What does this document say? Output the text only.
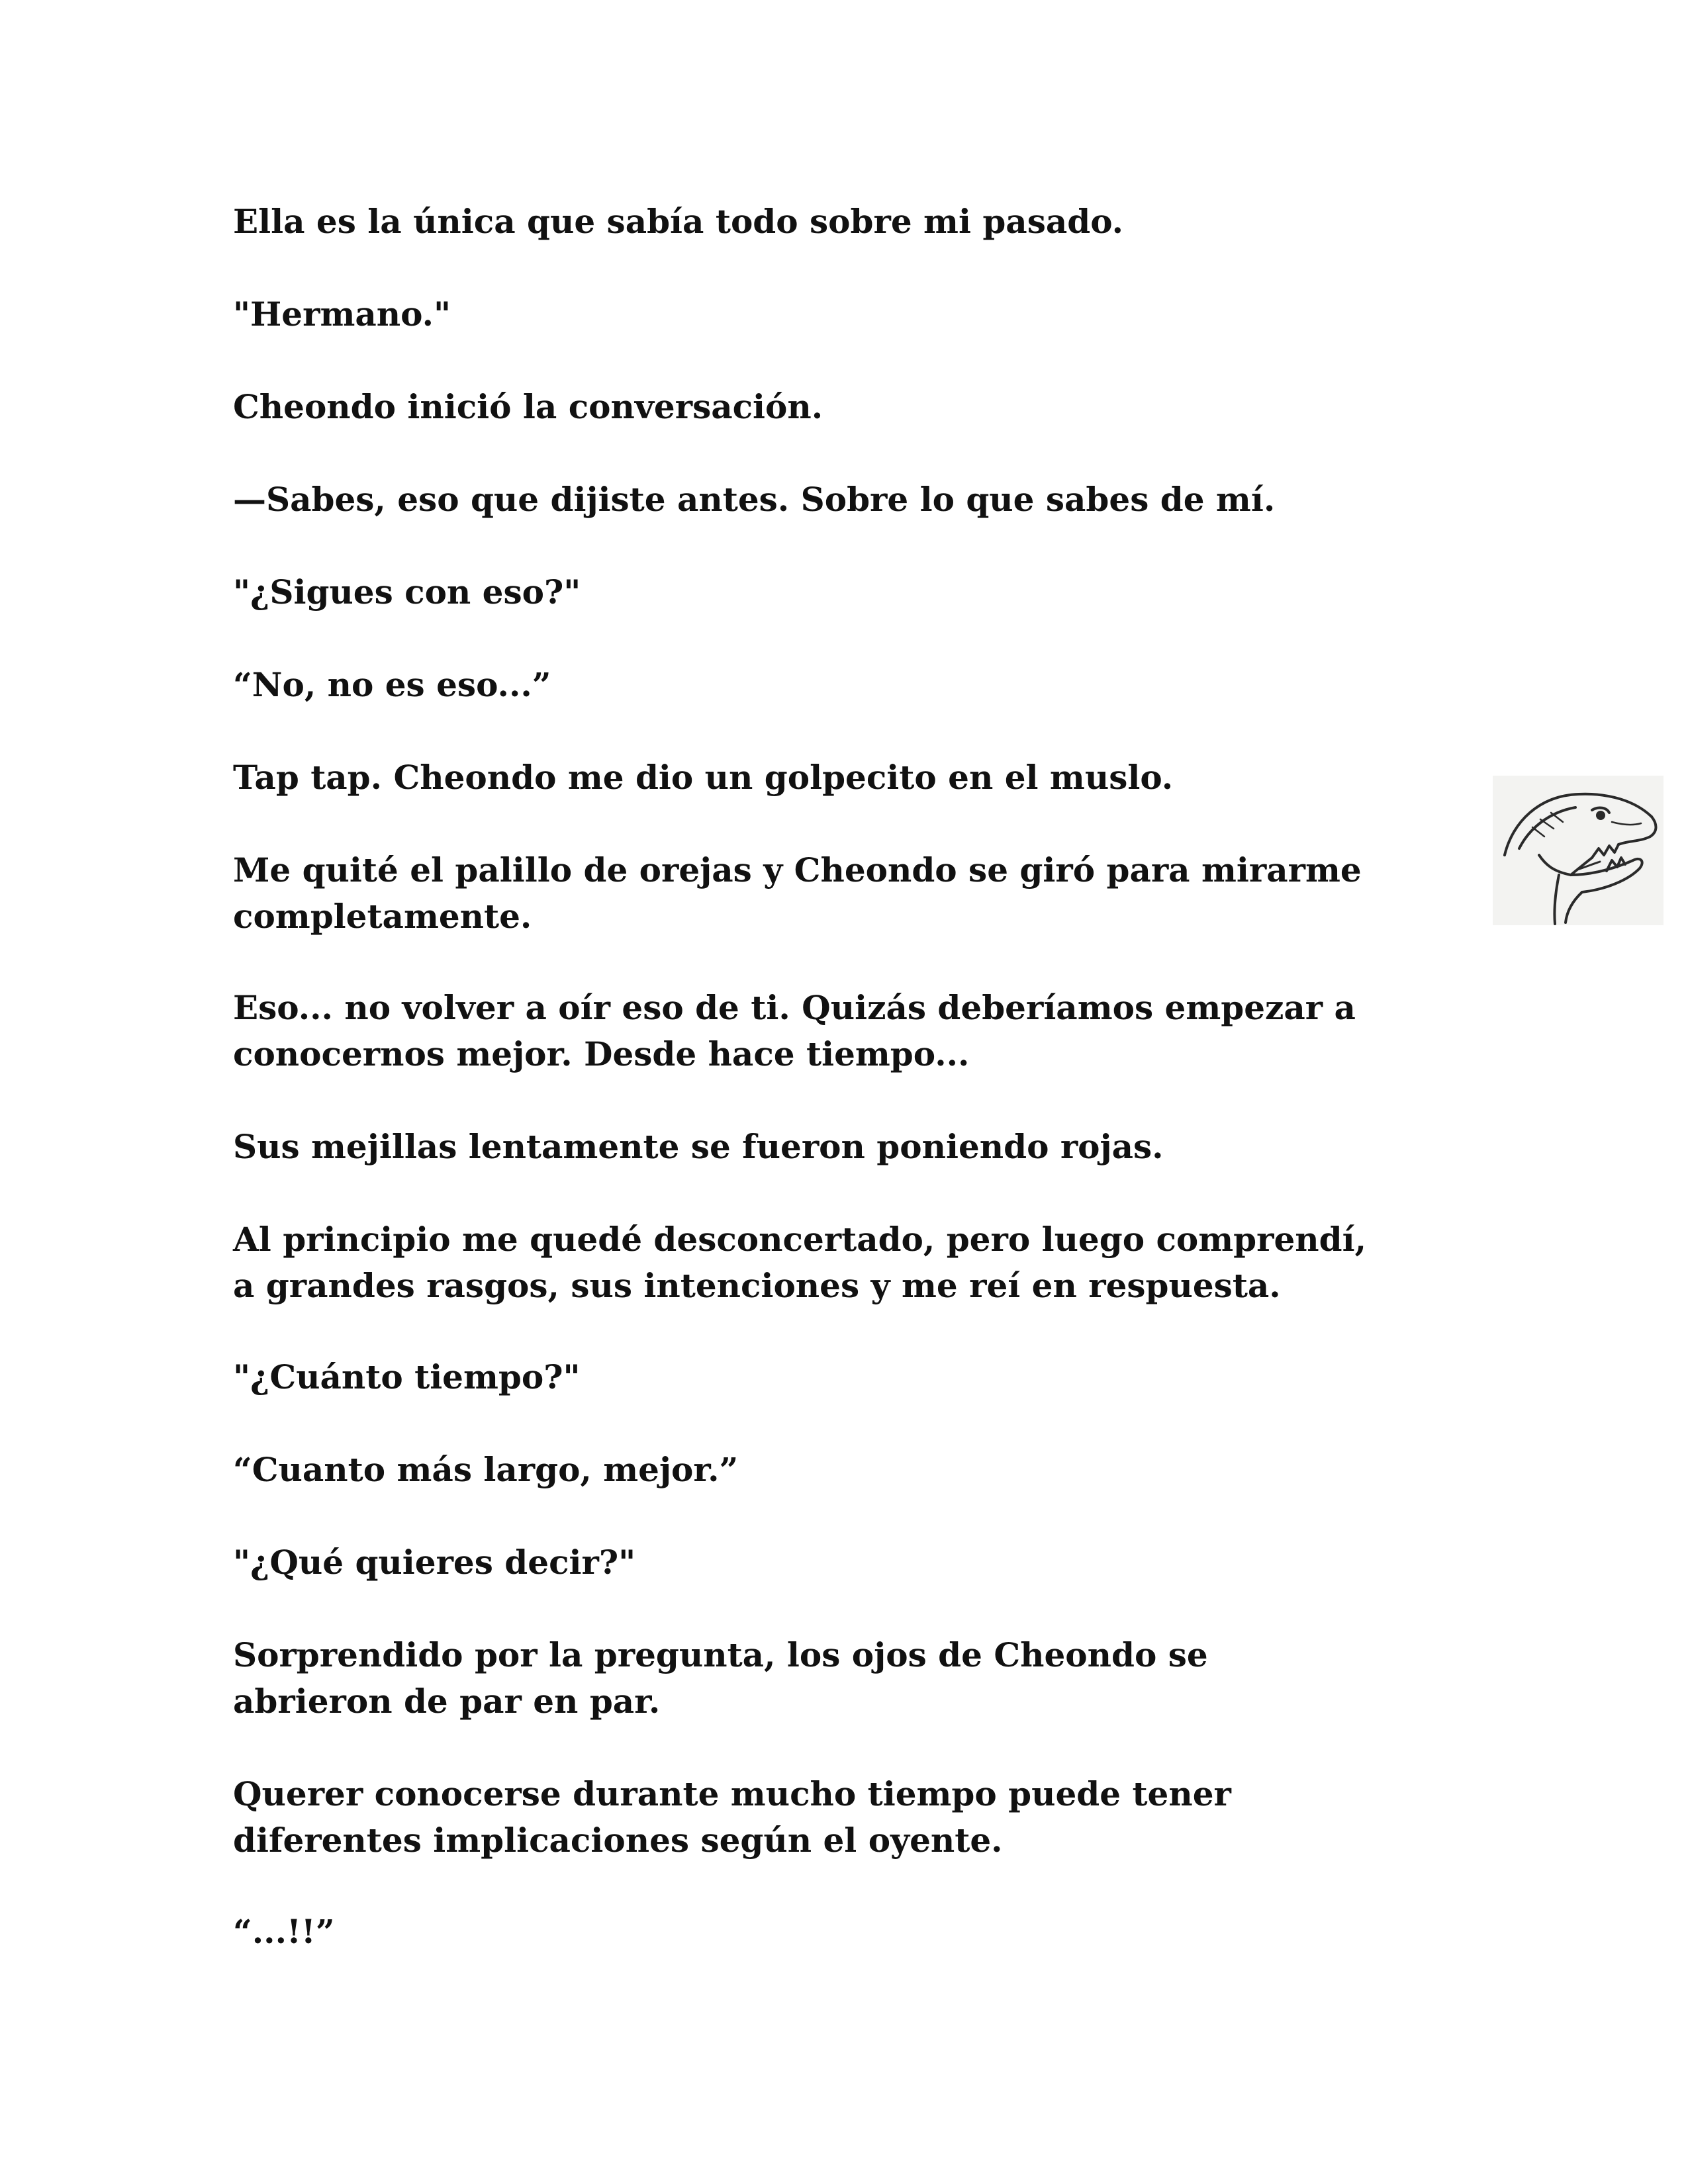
Ella es la única que sabía todo sobre mi pasado.

"Hermano."

Cheondo inició la conversación.

—Sabes, eso que dijiste antes. Sobre lo que sabes de mí.

"¿Sigues con eso?"

“No, no es eso...”

Tap tap. Cheondo me dio un golpecito en el muslo.

Me quité el palillo de orejas y Cheondo se giró para mirarme
completamente.

Eso... no volver a oír eso de ti. Quizás deberíamos empezar a
conocernos mejor. Desde hace tiempo...

Sus mejillas lentamente se fueron poniendo rojas.

Al principio me quedé desconcertado, pero luego comprendí,
a grandes rasgos, sus intenciones y me reí en respuesta.

"¿Cuánto tiempo?"

“Cuanto más largo, mejor.”

"¿Qué quieres decir?"

Sorprendido por la pregunta, los ojos de Cheondo se
abrieron de par en par.

Querer conocerse durante mucho tiempo puede tener
diferentes implicaciones según el oyente.

“...!!”
